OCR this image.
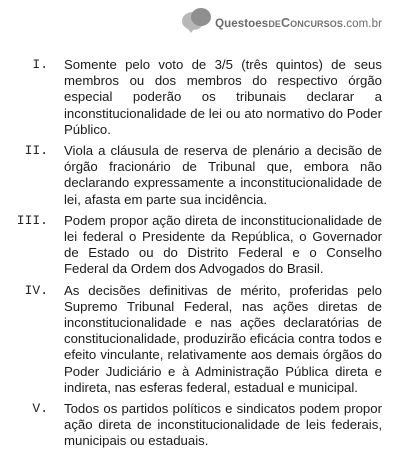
QuestoesdeConcursos.com.br
I. Somente pelo voto de 3/5 (três quintos) de seus membros ou dos membros do respectivo órgão especial poderão os tribunais declarar a inconstitucionalidade de lei ou ato normativo do Poder Público.
II. Viola a cláusula de reserva de plenário a decisão de órgão fracionário de Tribunal que, embora não declarando expressamente a inconstitucionalidade de lei, afasta em parte sua incidência.
III. Podem propor ação direta de inconstitucionalidade de lei federal o Presidente da República, o Governador de Estado ou do Distrito Federal e o Conselho Federal da Ordem dos Advogados do Brasil.
IV. As decisões definitivas de mérito, proferidas pelo Supremo Tribunal Federal, nas ações diretas de inconstitucionalidade e nas ações declaratórias de constitucionalidade, produzirão eficácia contra todos e efeito vinculante, relativamente aos demais órgãos do Poder Judiciário e à Administração Pública direta e indireta, nas esferas federal, estadual e municipal.
V. Todos os partidos políticos e sindicatos podem propor ação direta de inconstitucionalidade de leis federais, municipais ou estaduais.
